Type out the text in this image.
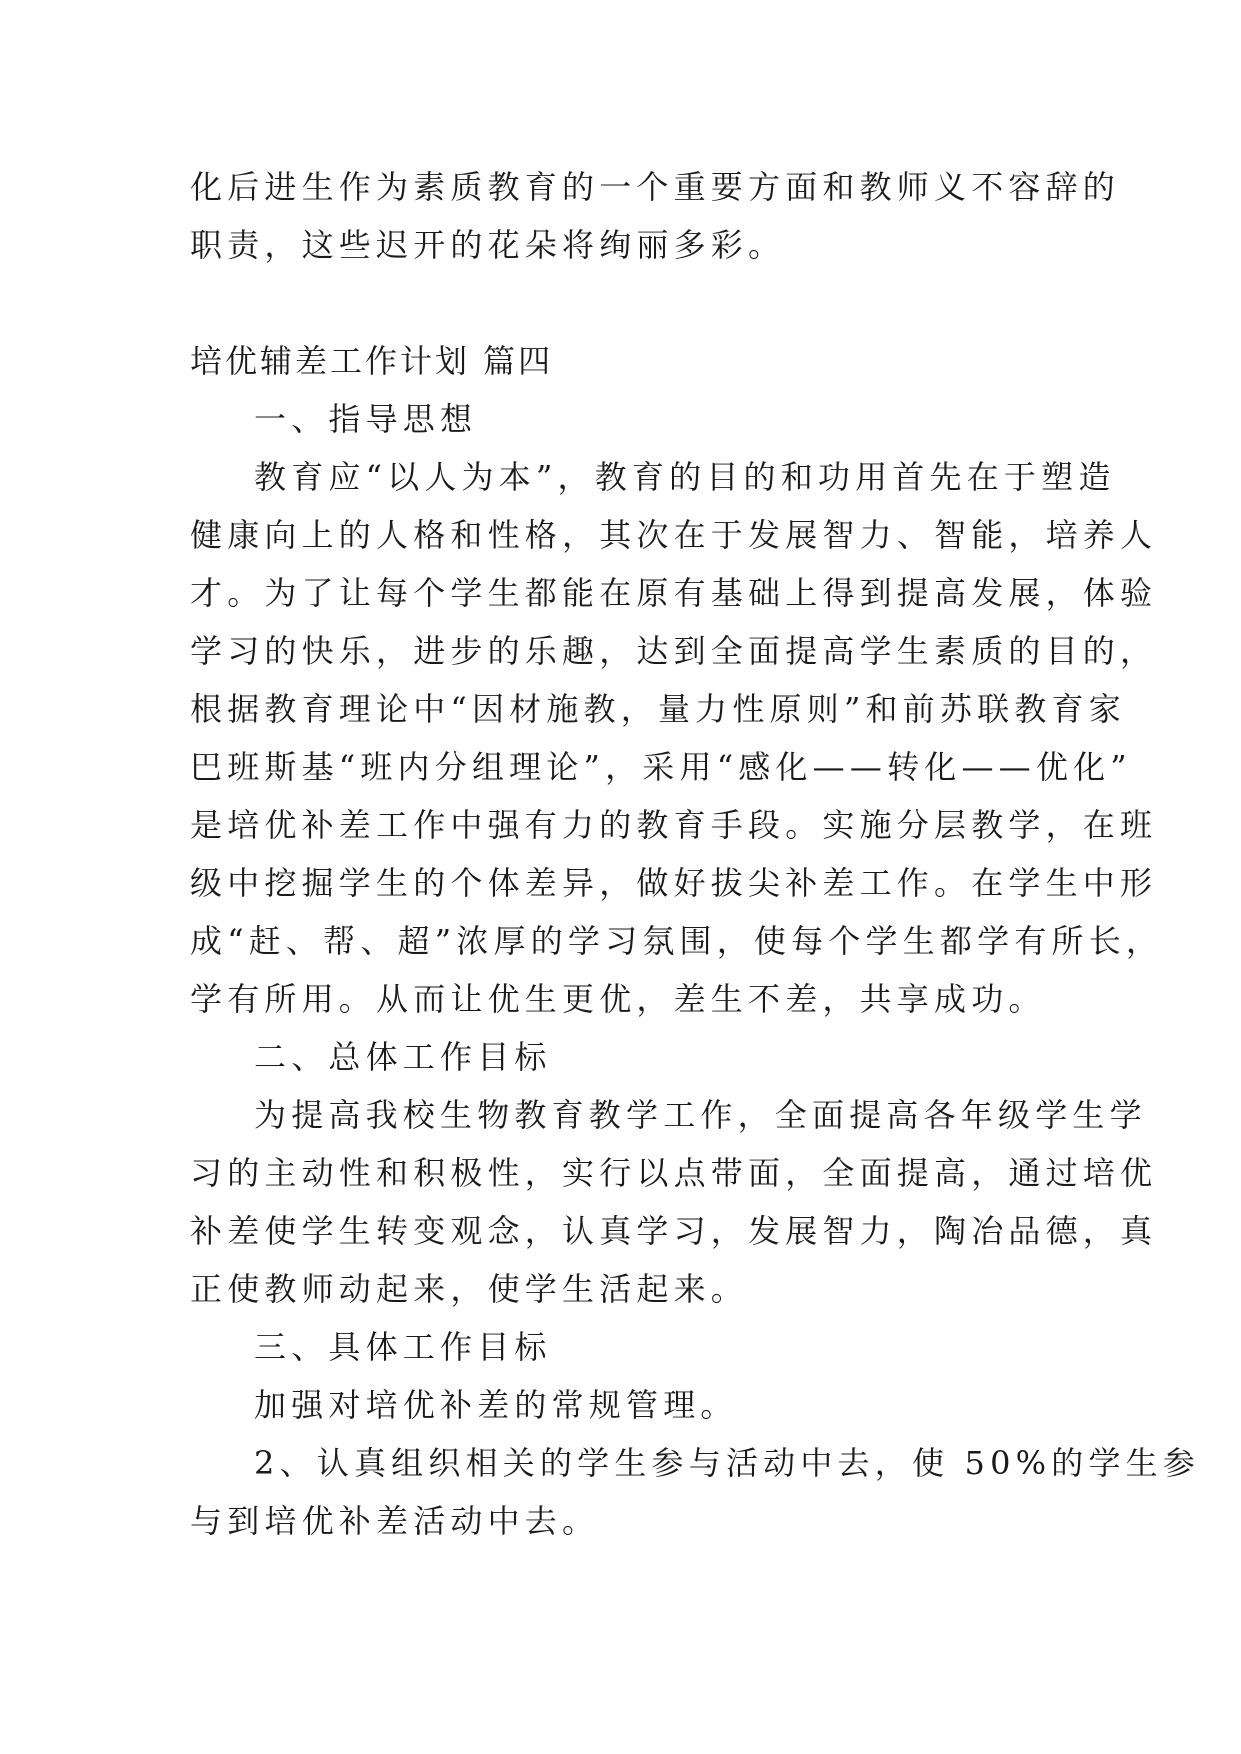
化后进生作为素质教育的一个重要方面和教师义不容辞的
职责，这些迟开的花朵将绚丽多彩。
培优辅差工作计划 篇四
一、指导思想
教育应“以人为本”，教育的目的和功用首先在于塑造
健康向上的人格和性格，其次在于发展智力、智能，培养人
才。为了让每个学生都能在原有基础上得到提高发展，体验
学习的快乐，进步的乐趣，达到全面提高学生素质的目的，
根据教育理论中“因材施教，量力性原则”和前苏联教育家
巴班斯基“班内分组理论”，采用“感化——转化——优化”
是培优补差工作中强有力的教育手段。实施分层教学，在班
级中挖掘学生的个体差异，做好拔尖补差工作。在学生中形
成“赶、帮、超”浓厚的学习氛围，使每个学生都学有所长，
学有所用。从而让优生更优，差生不差，共享成功。
二、总体工作目标
为提高我校生物教育教学工作，全面提高各年级学生学
习的主动性和积极性，实行以点带面，全面提高，通过培优
补差使学生转变观念，认真学习，发展智力，陶冶品德，真
正使教师动起来，使学生活起来。
三、具体工作目标
加强对培优补差的常规管理。
2、认真组织相关的学生参与活动中去，使 50%的学生参
与到培优补差活动中去。
